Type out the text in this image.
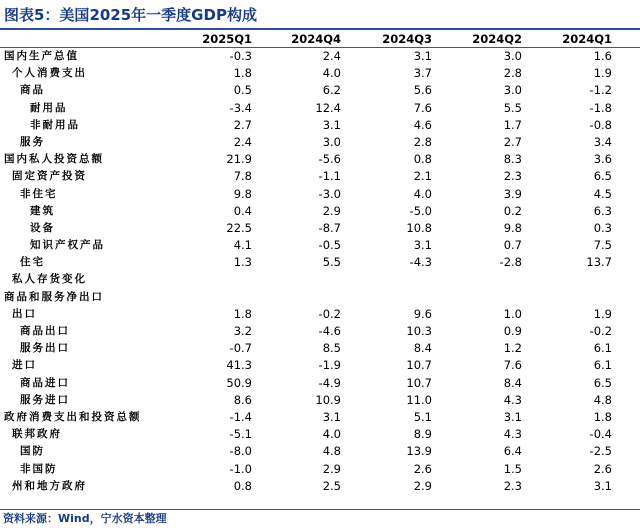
图表5：美国2025年一季度GDP构成
2025Q1	2024Q4	2024Q3	2024Q2	2024Q1
国内生产总值	-0.3	2.4	3.1	3.0	1.6
个人消费支出	1.8	4.0	3.7	2.8	1.9
商品	0.5	6.2	5.6	3.0	-1.2
耐用品	-3.4	12.4	7.6	5.5	-1.8
非耐用品	2.7	3.1	4.6	1.7	-0.8
服务	2.4	3.0	2.8	2.7	3.4
国内私人投资总额	21.9	-5.6	0.8	8.3	3.6
固定资产投资	7.8	-1.1	2.1	2.3	6.5
非住宅	9.8	-3.0	4.0	3.9	4.5
建筑	0.4	2.9	-5.0	0.2	6.3
设备	22.5	-8.7	10.8	9.8	0.3
知识产权产品	4.1	-0.5	3.1	0.7	7.5
住宅	1.3	5.5	-4.3	-2.8	13.7
私人存货变化
商品和服务净出口
出口	1.8	-0.2	9.6	1.0	1.9
商品出口	3.2	-4.6	10.3	0.9	-0.2
服务出口	-0.7	8.5	8.4	1.2	6.1
进口	41.3	-1.9	10.7	7.6	6.1
商品进口	50.9	-4.9	10.7	8.4	6.5
服务进口	8.6	10.9	11.0	4.3	4.8
政府消费支出和投资总额	-1.4	3.1	5.1	3.1	1.8
联邦政府	-5.1	4.0	8.9	4.3	-0.4
国防	-8.0	4.8	13.9	6.4	-2.5
非国防	-1.0	2.9	2.6	1.5	2.6
州和地方政府	0.8	2.5	2.9	2.3	3.1
资料来源：Wind，宁水资本整理
